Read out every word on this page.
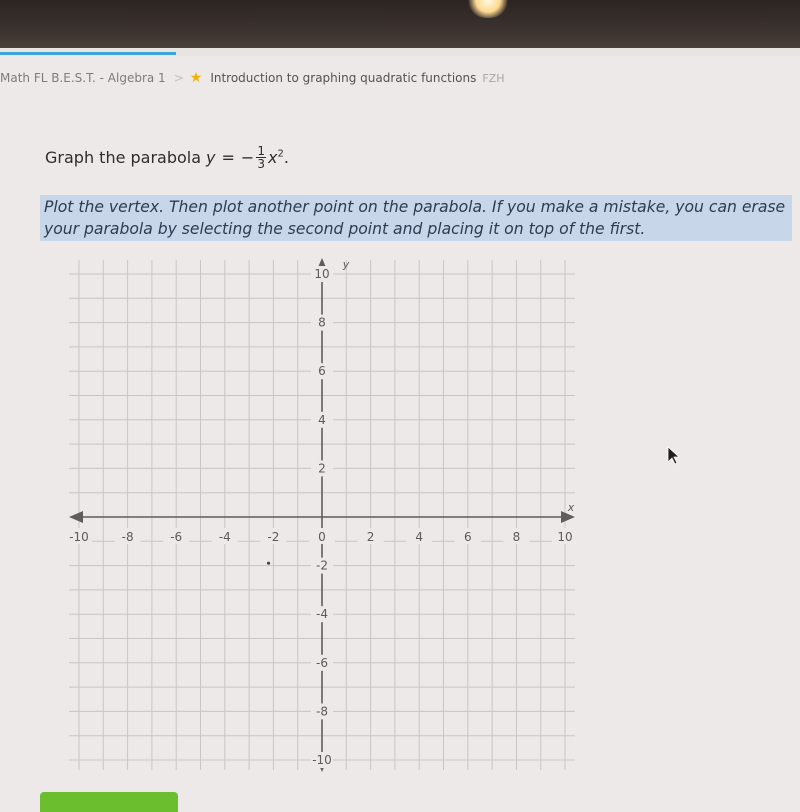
Math FL B.E.S.T. - Algebra 1 > ★ Introduction to graphing quadratic functions FZH
Graph the parabola y = − $\frac{1}{3} x^2$ .
Plot the vertex. Then plot another point on the parabola. If you make a mistake, you can erase your parabola by selecting the second point and placing it on top of the first.
x
y
-10	-8	-6	-4	-2	0	2	4	6	8	10
10
8
6
4
2
-2
-4
-6
-8
-10
